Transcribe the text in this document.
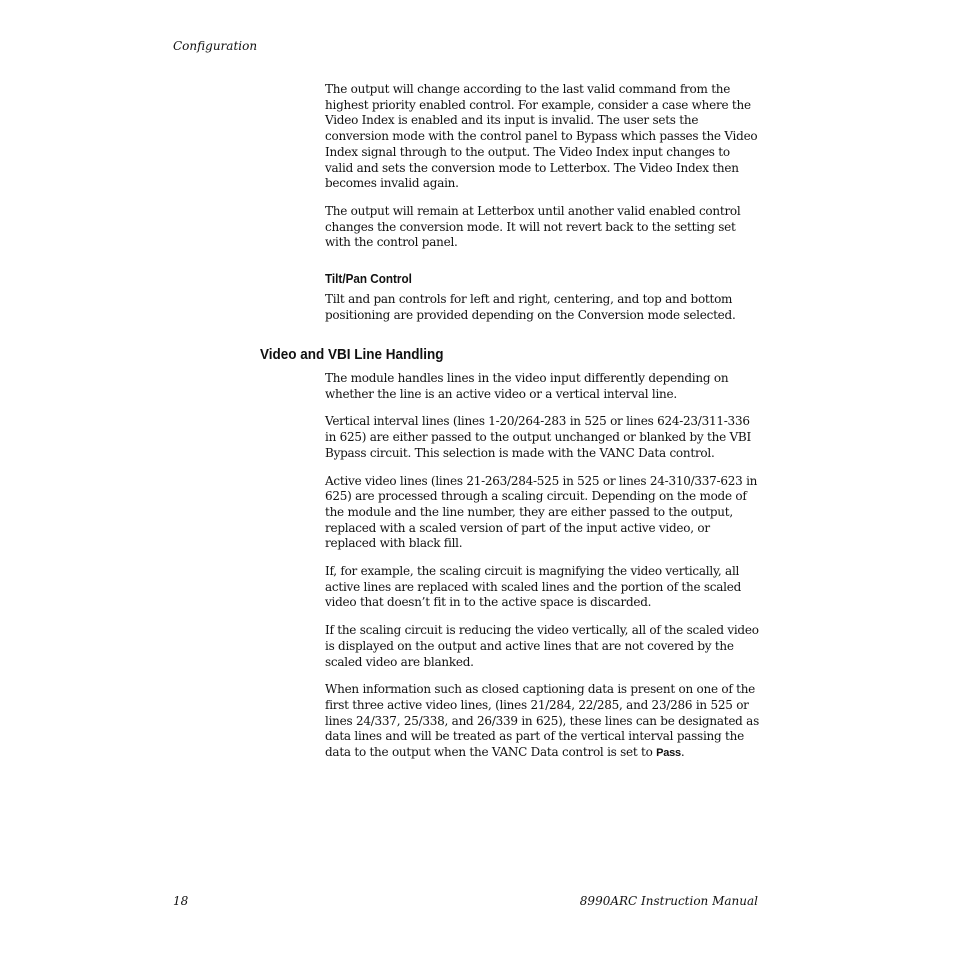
Configuration

The output will change according to the last valid command from the highest priority enabled control. For example, consider a case where the Video Index is enabled and its input is invalid. The user sets the conversion mode with the control panel to Bypass which passes the Video Index signal through to the output. The Video Index input changes to valid and sets the conversion mode to Letterbox. The Video Index then becomes invalid again.

The output will remain at Letterbox until another valid enabled control changes the conversion mode. It will not revert back to the setting set with the control panel.

Tilt/Pan Control

Tilt and pan controls for left and right, centering, and top and bottom positioning are provided depending on the Conversion mode selected.

Video and VBI Line Handling

The module handles lines in the video input differently depending on whether the line is an active video or a vertical interval line.

Vertical interval lines (lines 1-20/264-283 in 525 or lines 624-23/311-336 in 625) are either passed to the output unchanged or blanked by the VBI Bypass circuit. This selection is made with the VANC Data control.

Active video lines (lines 21-263/284-525 in 525 or lines 24-310/337-623 in 625) are processed through a scaling circuit. Depending on the mode of the module and the line number, they are either passed to the output, replaced with a scaled version of part of the input active video, or replaced with black fill.

If, for example, the scaling circuit is magnifying the video vertically, all active lines are replaced with scaled lines and the portion of the scaled video that doesn’t fit in to the active space is discarded.

If the scaling circuit is reducing the video vertically, all of the scaled video is displayed on the output and active lines that are not covered by the scaled video are blanked.

When information such as closed captioning data is present on one of the first three active video lines, (lines 21/284, 22/285, and 23/286 in 525 or lines 24/337, 25/338, and 26/339 in 625), these lines can be designated as data lines and will be treated as part of the vertical interval passing the data to the output when the VANC Data control is set to Pass.

18	8990ARC Instruction Manual
